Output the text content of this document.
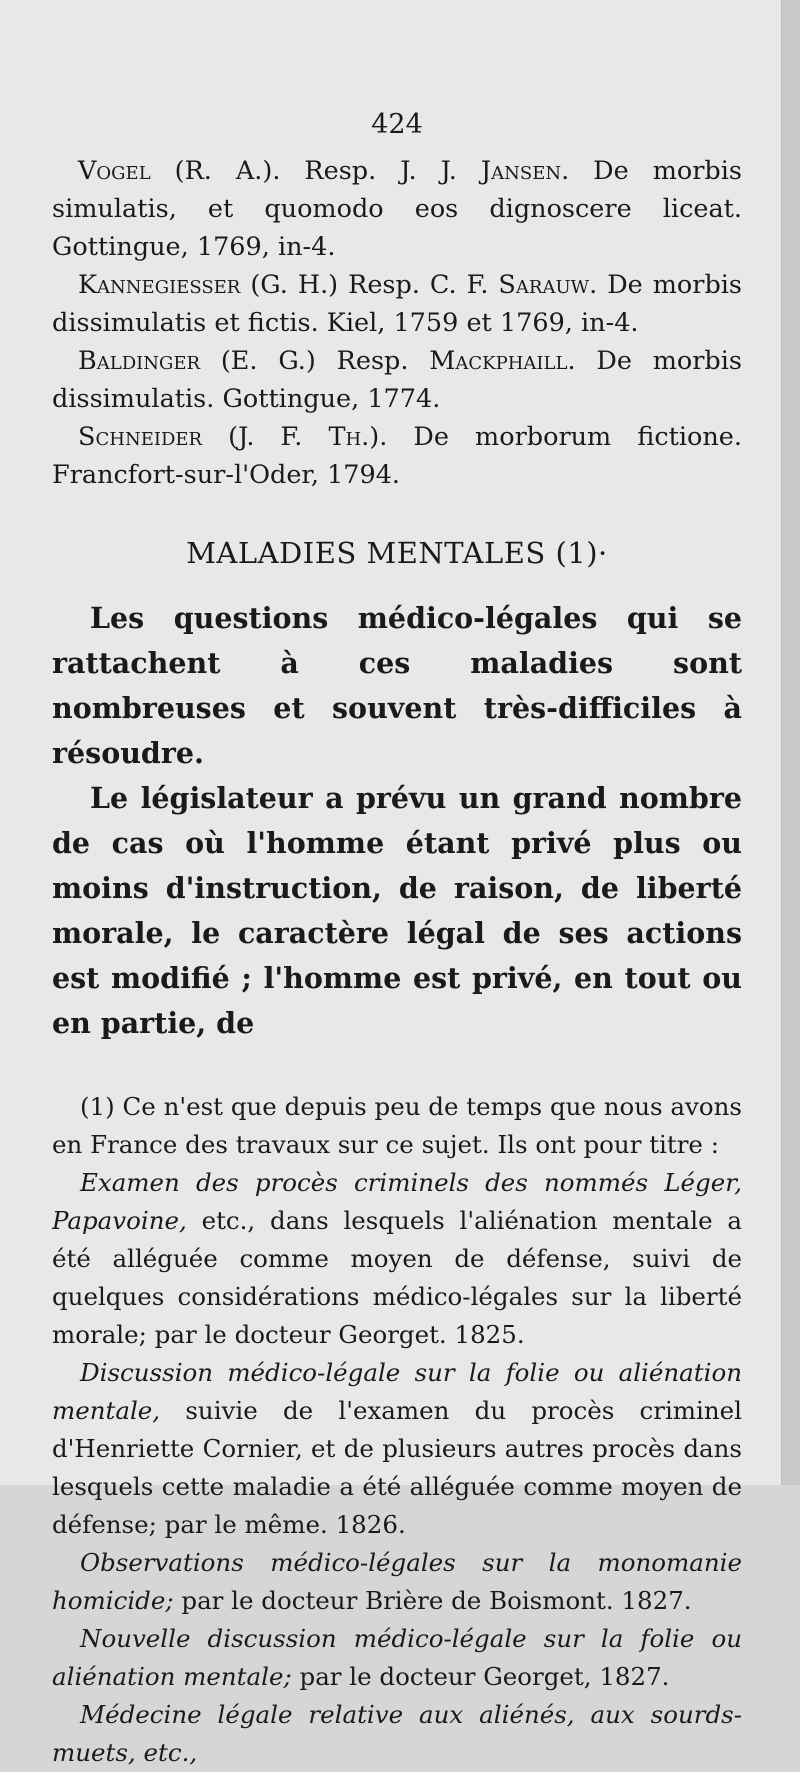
424

Vogel (R. A.). Resp. J. J. Jansen. De morbis simulatis, et quomodo eos dignoscere liceat. Gottingue, 1769, in-4.

Kannegiesser (G. H.) Resp. C. F. Sarauw. De morbis dissimulatis et fictis. Kiel, 1759 et 1769, in-4.

Baldinger (E. G.) Resp. Mackphaill. De morbis dissimulatis. Gottingue, 1774.

Schneider (J. F. Th.). De morborum fictione. Francfort-sur-l'Oder, 1794.

MALADIES MENTALES (1)·

Les questions médico-légales qui se rattachent à ces maladies sont nombreuses et souvent très-difficiles à résoudre.

Le législateur a prévu un grand nombre de cas où l'homme étant privé plus ou moins d'instruction, de raison, de liberté morale, le caractère légal de ses actions est modifié ; l'homme est privé, en tout ou en partie, de

(1) Ce n'est que depuis peu de temps que nous avons en France des travaux sur ce sujet. Ils ont pour titre :

Examen des procès criminels des nommés Léger, Papavoine, etc., dans lesquels l'aliénation mentale a été alléguée comme moyen de défense, suivi de quelques considérations médico-légales sur la liberté morale; par le docteur Georget. 1825.

Discussion médico-légale sur la folie ou aliénation mentale, suivie de l'examen du procès criminel d'Henriette Cornier, et de plusieurs autres procès dans lesquels cette maladie a été alléguée comme moyen de défense; par le même. 1826.

Observations médico-légales sur la monomanie homicide; par le docteur Brière de Boismont. 1827.

Nouvelle discussion médico-légale sur la folie ou aliénation mentale; par le docteur Georget, 1827.

Médecine légale relative aux aliénés, aux sourds-muets, etc.,
